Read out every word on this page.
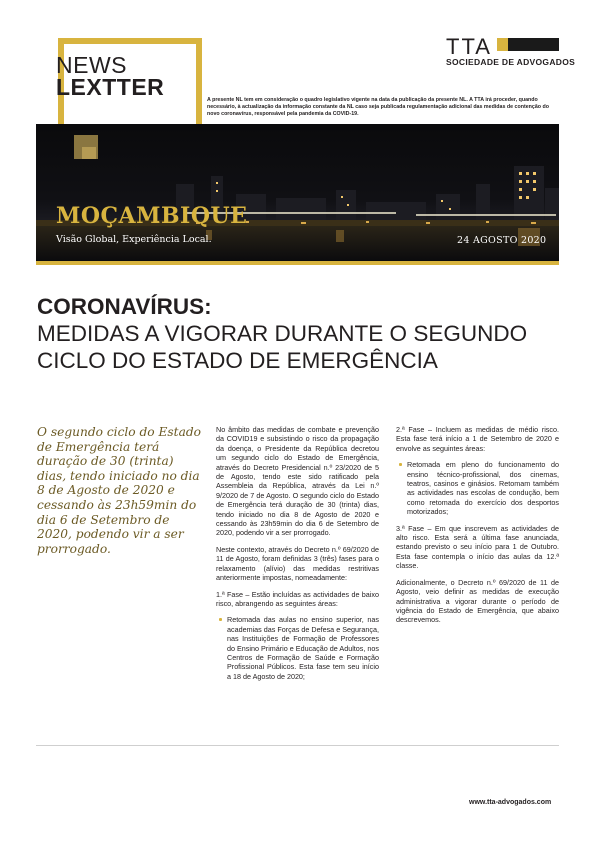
NEWS
LEXTTER
TTA
SOCIEDADE DE ADVOGADOS
A presente NL tem em consideração o quadro legislativo vigente na data da publicação da presente NL. A TTA irá proceder, quando necessário, à actualização da informação constante da NL caso seja publicada regulamentação adicional das medidas de contenção do novo coronavírus, responsável pela pandemia da COVID-19.
MOÇAMBIQUE
Visão Global, Experiência Local.	24 AGOSTO 2020
CORONAVÍRUS:
MEDIDAS A VIGORAR DURANTE O SEGUNDO
CICLO DO ESTADO DE EMERGÊNCIA
O segundo ciclo do Estado de Emergência terá duração de 30 (trinta) dias, tendo iniciado no dia 8 de Agosto de 2020 e cessando às 23h59min do dia 6 de Setembro de 2020, podendo vir a ser prorrogado.

No âmbito das medidas de combate e prevenção da COVID19 e subsistindo o risco da propagação da doença, o Presidente da República decretou um segundo ciclo do Estado de Emergência, através do Decreto Presidencial n.º 23/2020 de 5 de Agosto, tendo este sido ratificado pela Assembleia da República, através da Lei n.º 9/2020 de 7 de Agosto. O segundo ciclo do Estado de Emergência terá duração de 30 (trinta) dias, tendo iniciado no dia 8 de Agosto de 2020 e cessando às 23h59min do dia 6 de Setembro de 2020, podendo vir a ser prorrogado.

Neste contexto, através do Decreto n.º 69/2020 de 11 de Agosto, foram definidas 3 (três) fases para o relaxamento (alívio) das medidas restritivas anteriormente impostas, nomeadamente:

1.ª Fase – Estão incluídas as actividades de baixo risco, abrangendo as seguintes áreas:

Retomada das aulas no ensino superior, nas academias das Forças de Defesa e Segurança, nas Instituições de Formação de Professores do Ensino Primário e Educação de Adultos, nos Centros de Formação de Saúde e Formação Profissional Públicos. Esta fase tem seu início a 18 de Agosto de 2020;

2.ª Fase – Incluem as medidas de médio risco. Esta fase terá início a 1 de Setembro de 2020 e envolve as seguintes áreas:

Retomada em pleno do funcionamento do ensino técnico-profissional, dos cinemas, teatros, casinos e ginásios. Retomam também as actividades nas escolas de condução, bem como retomada do exercício dos desportos motorizados;

3.ª Fase – Em que inscrevem as actividades de alto risco. Esta será a última fase anunciada, estando previsto o seu início para 1 de Outubro. Esta fase contempla o início das aulas da 12.ª classe.

Adicionalmente, o Decreto n.º 69/2020 de 11 de Agosto, veio definir as medidas de execução administrativa a vigorar durante o período de vigência do Estado de Emergência, que abaixo descrevemos.

www.tta-advogados.com
